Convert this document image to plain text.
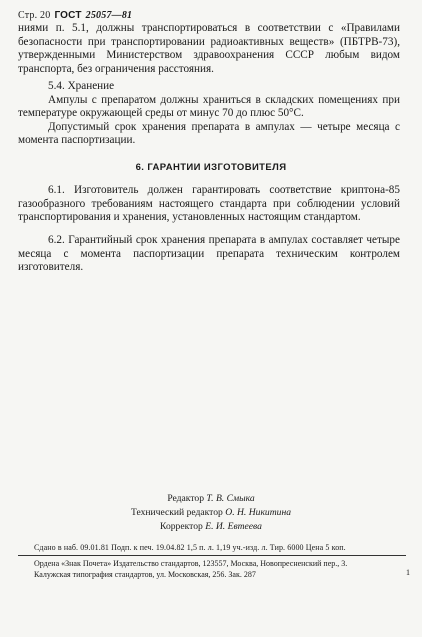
Стр. 20 ГОСТ 25057—81

ниями п. 5.1, должны транспортироваться в соответствии с «Правилами безопасности при транспортировании радиоактивных веществ» (ПБТРВ-73), утвержденными Министерством здравоохранения СССР любым видом транспорта, без ограничения расстояния.

5.4. Хранение

Ампулы с препаратом должны храниться в складских помещениях при температуре окружающей среды от минус 70 до плюс 50°С.

Допустимый срок хранения препарата в ампулах — четыре месяца с момента паспортизации.

6. ГАРАНТИИ ИЗГОТОВИТЕЛЯ

6.1. Изготовитель должен гарантировать соответствие криптона-85 газообразного требованиям настоящего стандарта при соблюдении условий транспортирования и хранения, установленных настоящим стандартом.

6.2. Гарантийный срок хранения препарата в ампулах составляет четыре месяца с момента паспортизации препарата техническим контролем изготовителя.

Редактор Т. В. Смыка
Технический редактор О. Н. Никитина
Корректор Е. И. Евтеева
Сдано в наб. 09.01.81 Подп. к печ. 19.04.82 1,5 п. л. 1,19 уч.-изд. л. Тир. 6000 Цена 5 коп.
Ордена «Знак Почета» Издательство стандартов, 123557, Москва, Новопресненский пер., 3.
Калужская типография стандартов, ул. Московская, 256. Зак. 287	1
